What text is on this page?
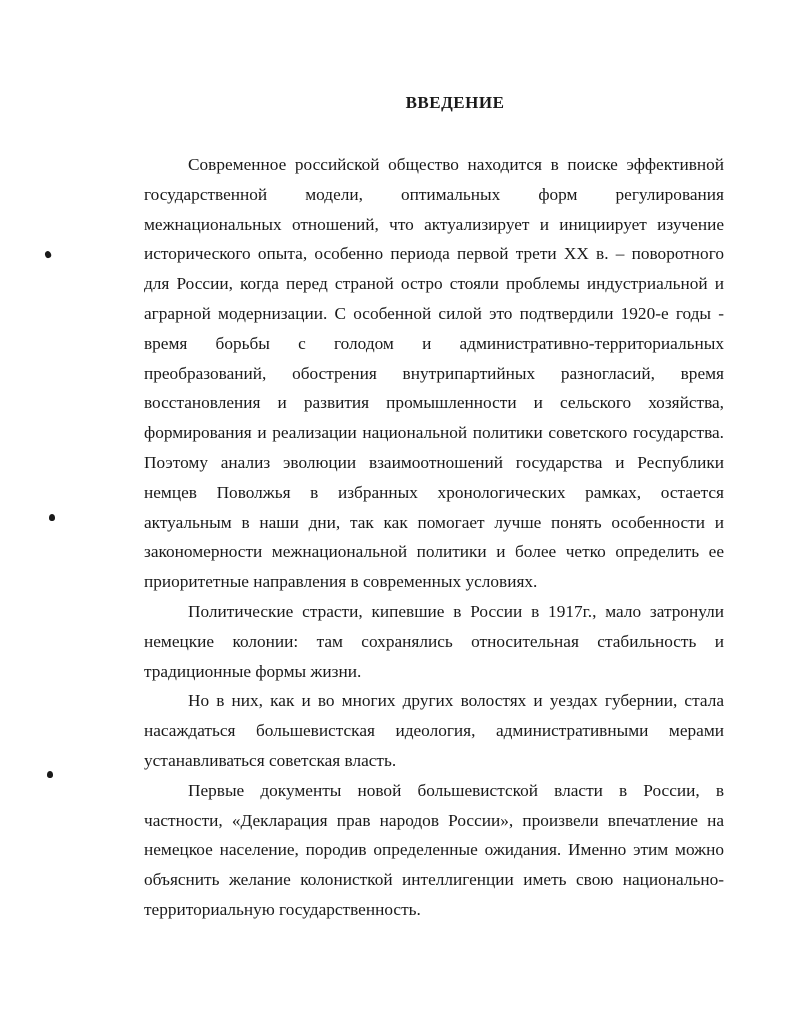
ВВЕДЕНИЕ

Современное российской общество находится в поиске эффективной государственной модели, оптимальных форм регулирования межнациональных отношений, что актуализирует и инициирует изучение исторического опыта, особенно периода первой трети XX в. – поворотного для России, когда перед страной остро стояли проблемы индустриальной и аграрной модернизации. С особенной силой это подтвердили 1920-е годы - время борьбы с голодом и административно-территориальных преобразований, обострения внутрипартийных разногласий, время восстановления и развития промышленности и сельского хозяйства, формирования и реализации национальной политики советского государства. Поэтому анализ эволюции взаимоотношений государства и Республики немцев Поволжья в избранных хронологических рамках, остается актуальным в наши дни, так как помогает лучше понять особенности и закономерности межнациональной политики и более четко определить ее приоритетные направления в современных условиях.

Политические страсти, кипевшие в России в 1917г., мало затронули немецкие колонии: там сохранялись относительная стабильность и традиционные формы жизни.

Но в них, как и во многих других волостях и уездах губернии, стала насаждаться большевистская идеология, административными мерами устанавливаться советская власть.

Первые документы новой большевистской власти в России, в частности, «Декларация прав народов России», произвели впечатление на немецкое население, породив определенные ожидания. Именно этим можно объяснить желание колонисткой интеллигенции иметь свою национально-территориальную государственность.
